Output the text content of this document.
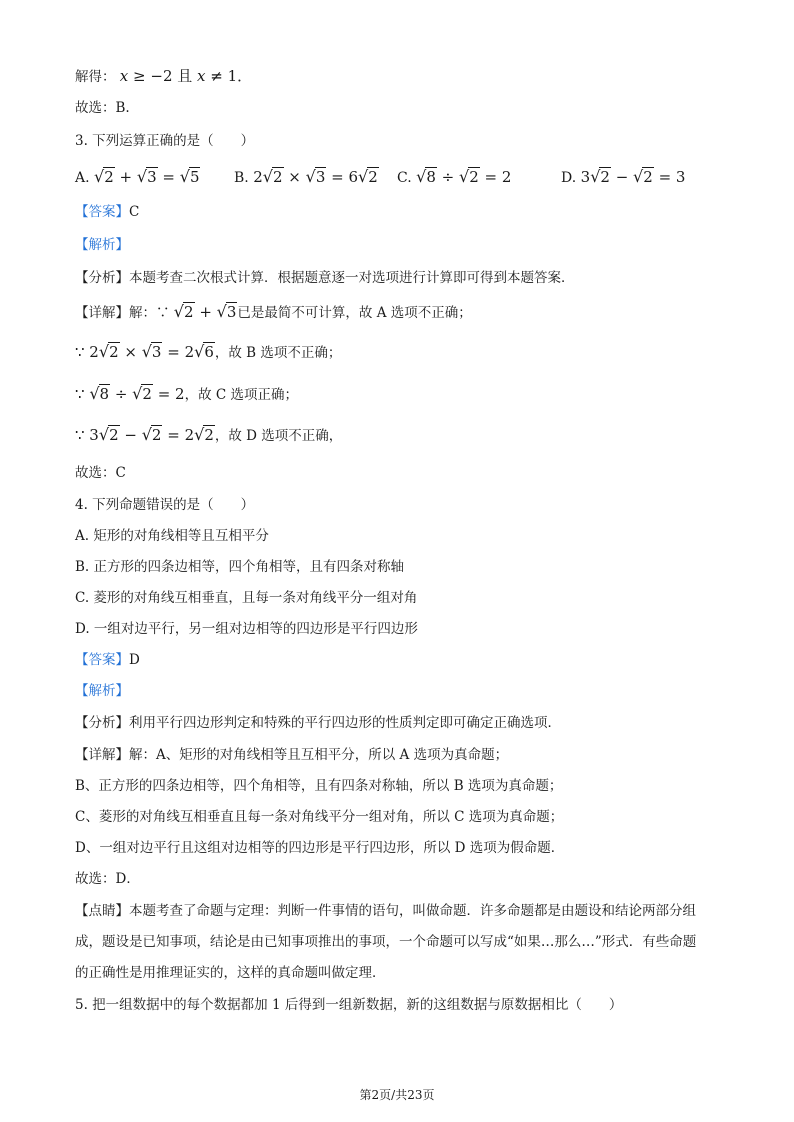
解得： x ≥ −2 且 x ≠ 1．
故选：B.
3. 下列运算正确的是（　　）
A. √2 + √3 = √5 B. 2√2 × √3 = 6√2 C. √8 ÷ √2 = 2	D. 3√2 − √2 = 3
【答案】C
【解析】
【分析】本题考查二次根式计算．根据题意逐一对选项进行计算即可得到本题答案．
【详解】解：∵ √2 + √3已是最简不可计算，故 A 选项不正确；
∵ 2√2 × √3 = 2√6，故 B 选项不正确；
∵ √8 ÷ √2 = 2，故 C 选项正确；
∵ 3√2 − √2 = 2√2，故 D 选项不正确，
故选：C
4. 下列命题错误的是（　　）
A. 矩形的对角线相等且互相平分
B. 正方形的四条边相等，四个角相等，且有四条对称轴
C. 菱形的对角线互相垂直，且每一条对角线平分一组对角
D. 一组对边平行，另一组对边相等的四边形是平行四边形
【答案】D
【解析】
【分析】利用平行四边形判定和特殊的平行四边形的性质判定即可确定正确选项．
【详解】解：A、矩形的对角线相等且互相平分，所以 A 选项为真命题；
B、正方形的四条边相等，四个角相等，且有四条对称轴，所以 B 选项为真命题；
C、菱形的对角线互相垂直且每一条对角线平分一组对角，所以 C 选项为真命题；
D、一组对边平行且这组对边相等的四边形是平行四边形，所以 D 选项为假命题．
故选：D．
【点睛】本题考查了命题与定理：判断一件事情的语句，叫做命题．许多命题都是由题设和结论两部分组
成，题设是已知事项，结论是由已知事项推出的事项，一个命题可以写成“如果…那么…”形式．有些命题
的正确性是用推理证实的，这样的真命题叫做定理．
5. 把一组数据中的每个数据都加 1 后得到一组新数据，新的这组数据与原数据相比（　　）
第2页/共23页
